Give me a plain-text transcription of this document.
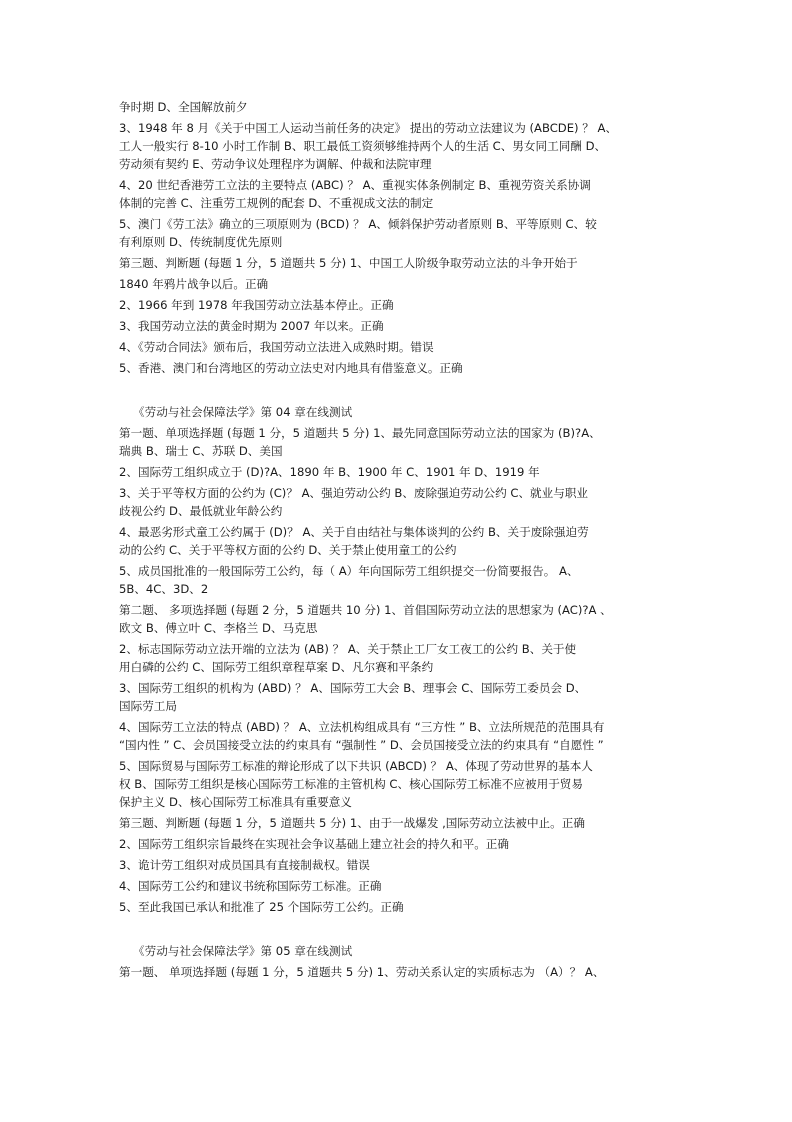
争时期 D、全国解放前夕
3、1948 年 8 月《关于中国工人运动当前任务的决定》 提出的劳动立法建议为 (ABCDE) ？ A、
工人一般实行 8-10 小时工作制 B、职工最低工资须够维持两个人的生活 C、男女同工同酬 D、
劳动须有契约 E、劳动争议处理程序为调解、仲裁和法院审理
4、20 世纪香港劳工立法的主要特点 (ABC) ？ A、重视实体条例制定 B、重视劳资关系协调
体制的完善 C、注重劳工规例的配套 D、不重视成文法的制定
5、澳门《劳工法》确立的三项原则为 (BCD) ？ A、倾斜保护劳动者原则 B、平等原则 C、较
有利原则 D、传统制度优先原则
第三题、判断题 (每题 1 分，5 道题共 5 分) 1、中国工人阶级争取劳动立法的斗争开始于
1840 年鸦片战争以后。正确
2、1966 年到 1978 年我国劳动立法基本停止。正确
3、我国劳动立法的黄金时期为 2007 年以来。正确
4、《劳动合同法》颁布后，我国劳动立法进入成熟时期。错误
5、香港、澳门和台湾地区的劳动立法史对内地具有借鉴意义。正确
《劳动与社会保障法学》第 04 章在线测试
第一题、单项选择题 (每题 1 分，5 道题共 5 分) 1、最先同意国际劳动立法的国家为 (B)?A、
瑞典 B、瑞士 C、苏联 D、美国
2、国际劳工组织成立于 (D)?A、1890 年 B、1900 年 C、1901 年 D、1919 年
3、关于平等权方面的公约为 (C)？ A、强迫劳动公约 B、废除强迫劳动公约 C、就业与职业
歧视公约 D、最低就业年龄公约
4、最恶劣形式童工公约属于 (D)？ A、关于自由结社与集体谈判的公约 B、关于废除强迫劳
动的公约 C、关于平等权方面的公约 D、关于禁止使用童工的公约
5、成员国批准的一般国际劳工公约，每（ A）年向国际劳工组织提交一份简要报告。 A、
5B、4C、3D、2
第二题、 多项选择题 (每题 2 分，5 道题共 10 分) 1、首倡国际劳动立法的思想家为 (AC)?A 、
欧文 B、傅立叶 C、李格兰 D、马克思
2、标志国际劳动立法开端的立法为 (AB) ？ A、关于禁止工厂女工夜工的公约 B、关于使
用白磷的公约 C、国际劳工组织章程草案 D、凡尔赛和平条约
3、国际劳工组织的机构为 (ABD) ？ A、国际劳工大会 B、理事会 C、国际劳工委员会 D、
国际劳工局
4、国际劳工立法的特点 (ABD) ？ A、立法机构组成具有 “三方性 ” B、立法所规范的范围具有
“国内性 ” C、会员国接受立法的约束具有 “强制性 ” D、会员国接受立法的约束具有 “自愿性 ”
5、国际贸易与国际劳工标准的辩论形成了以下共识 (ABCD) ？ A、体现了劳动世界的基本人
权 B、国际劳工组织是核心国际劳工标准的主管机构 C、核心国际劳工标准不应被用于贸易
保护主义 D、核心国际劳工标准具有重要意义
第三题、判断题 (每题 1 分，5 道题共 5 分) 1、由于一战爆发 ,国际劳动立法被中止。正确
2、国际劳工组织宗旨最终在实现社会争议基础上建立社会的持久和平。正确
3、诡计劳工组织对成员国具有直接制裁权。错误
4、国际劳工公约和建议书统称国际劳工标准。正确
5、至此我国已承认和批准了 25 个国际劳工公约。正确
《劳动与社会保障法学》第 05 章在线测试
第一题、 单项选择题 (每题 1 分，5 道题共 5 分) 1、劳动关系认定的实质标志为 （A）？ A、
